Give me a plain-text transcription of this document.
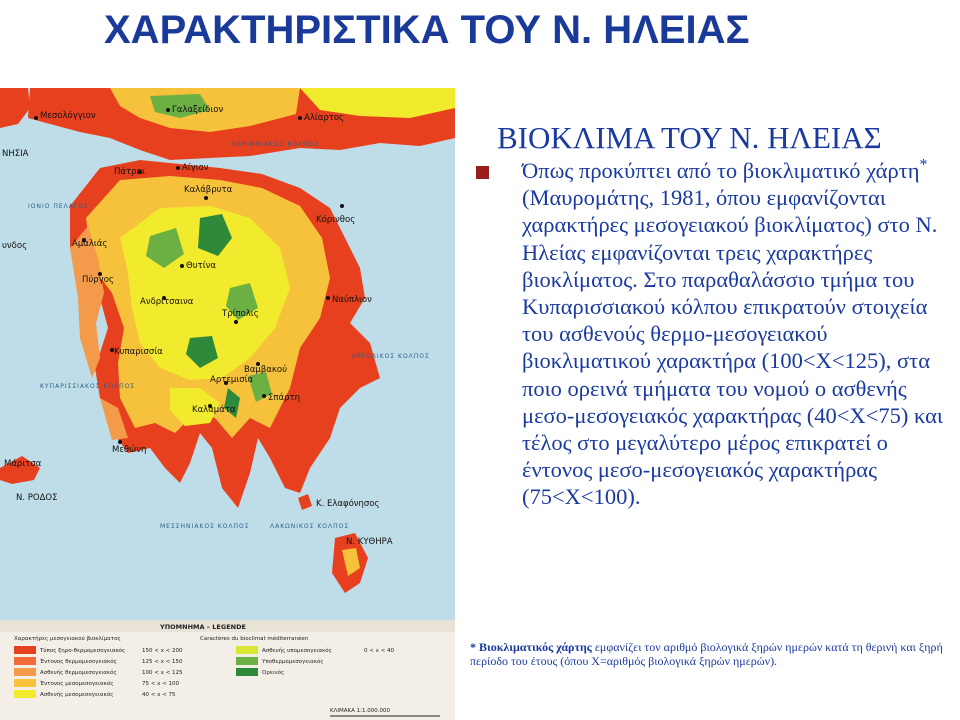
ΧΑΡΑΚΤΗΡΙΣΤΙΚΑ ΤΟΥ Ν. ΗΛΕΙΑΣ
Μεσολόγγιον
Γαλαξείδιον
Αλίαρτος
Πάτραι	Αίγιον
Καλάβρυτα
Αμαλιάς
Πύργος
Θυτίνα
Κόρινθος
Ανδρίτσαινα
Τρίπολις
Ναύπλιον
Κυπαρισσία
Βαμβακού
Αρτεμισία
Καλαμάτα
Σπάρτη
Μεθώνη
Κ. Ελαφόνησος
Ν. ΚΥΘΗΡΑ
Ν. ΡΟΔΟΣ
Μάριτσα
ΝΗΣΙΑ
υνδος
ΙΟΝΙΟ ΠΕΛΑΓΟΣ
ΚΟΡΙΝΘΙΑΚΟΣ ΚΟΛΠΟΣ
ΚΥΠΑΡΙΣΣΙΑΚΟΣ ΚΟΛΠΟΣ
ΜΕΣΣΗΝΙΑΚΟΣ ΚΟΛΠΟΣ	ΛΑΚΩΝΙΚΟΣ ΚΟΛΠΟΣ
ΑΡΓΟΛΙΚΟΣ ΚΟΛΠΟΣ
ΥΠΟΜΝΗΜΑ – LEGENDE
Χαρακτήρες μεσογειακού βιοκλίματος	Caractères du bioclimat méditerranéen
Τύπος ξηρο-θερμομεσογειακός	150 < x < 200
Έντονος θερμομεσογειακός	125 < x < 150
Ασθενής θερμομεσογειακός	100 < x < 125
Έντονος μεσομεσογειακός	75 < x < 100
Ασθενής μεσομεσογειακός	40 < x < 75
Ασθενής υπομεσογειακός	0 < x < 40
Υποθερμομεσογειακός
Ορεινός
ΚΛΙΜΑΚΑ 1:1.000.000
ΒΙΟΚΛΙΜΑ ΤΟΥ Ν. ΗΛΕΙΑΣ
Όπως προκύπτει από το βιοκλιματικό χάρτη* (Μαυρομάτης, 1981, όπου εμφανίζονται χαρακτήρες μεσογειακού βιοκλίματος) στο Ν. Ηλείας εμφανίζονται τρεις χαρακτήρες βιοκλίματος. Στο παραθαλάσσιο τμήμα του Κυπαρισσιακού κόλπου επικρατούν στοιχεία του ασθενούς θερμο-μεσογειακού βιοκλιματικού χαρακτήρα (100<Χ<125), στα ποιο ορεινά τμήματα του νομού ο ασθενής μεσο-μεσογειακός χαρακτήρας (40<Χ<75) και τέλος στο μεγαλύτερο μέρος επικρατεί ο έντονος μεσο-μεσογειακός χαρακτήρας (75<Χ<100).
* Βιοκλιματικός χάρτης εμφανίζει τον αριθμό βιολογικά ξηρών ημερών κατά τη θερινή και ξηρή περίοδο του έτους (όπου Χ=αριθμός βιολογικά ξηρών ημερών).
